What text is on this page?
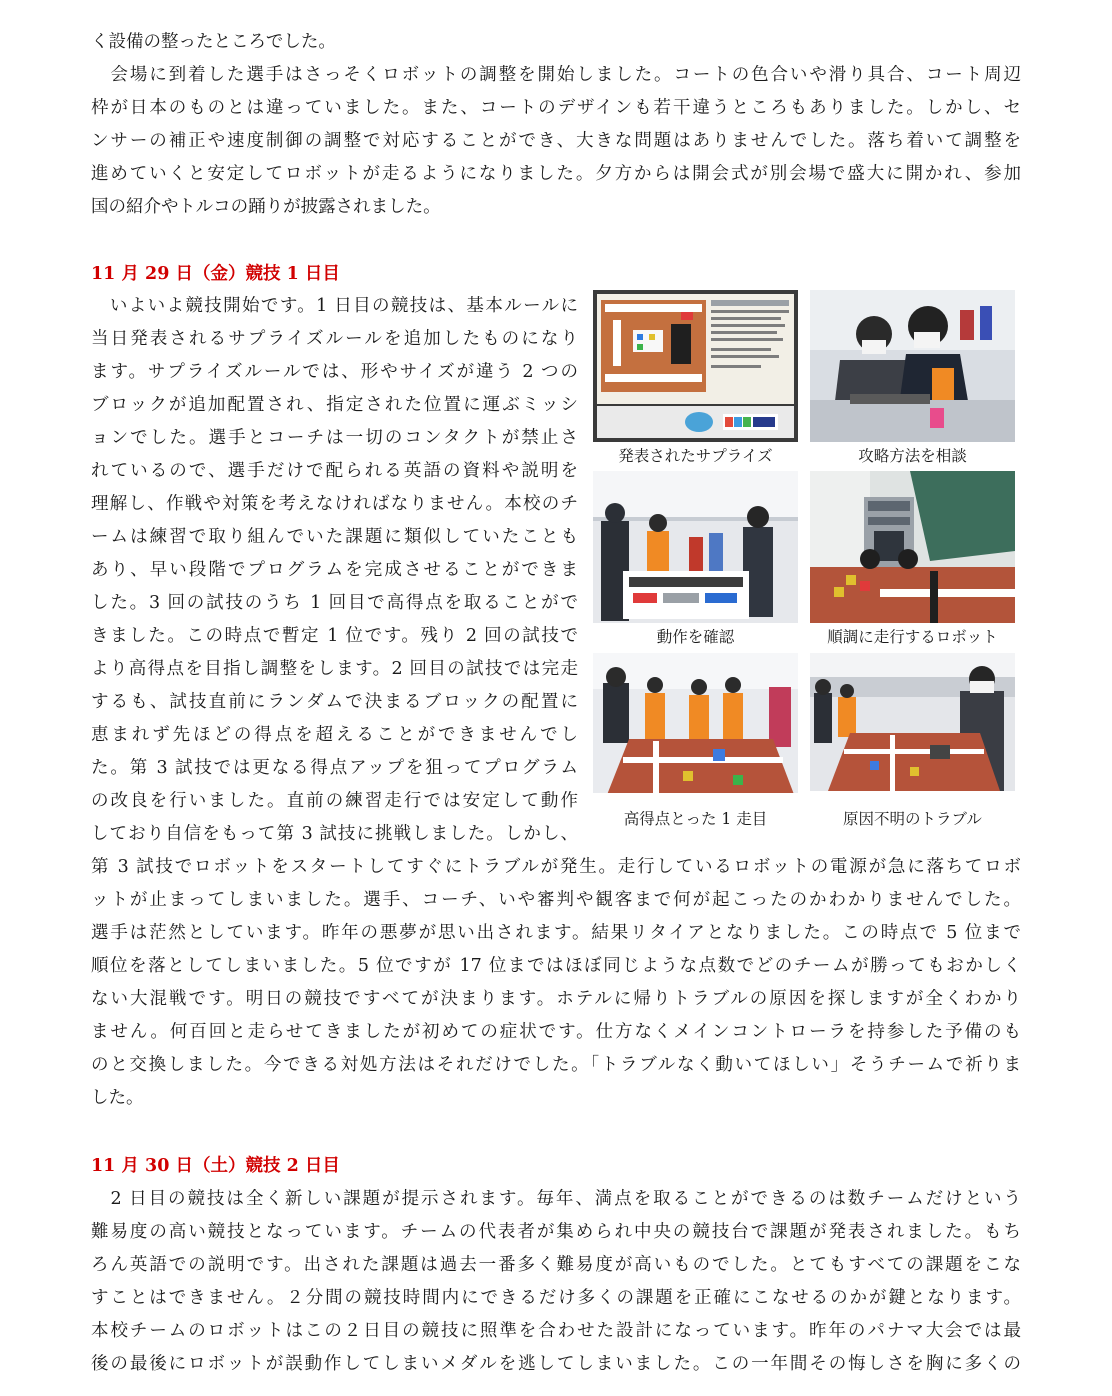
く設備の整ったところでした。
　会場に到着した選手はさっそくロボットの調整を開始しました。コートの色合いや滑り具合、コート周辺
枠が日本のものとは違っていました。また、コートのデザインも若干違うところもありました。しかし、セ
ンサーの補正や速度制御の調整で対応することができ、大きな問題はありませんでした。落ち着いて調整を
進めていくと安定してロボットが走るようになりました。夕方からは開会式が別会場で盛大に開かれ、参加
国の紹介やトルコの踊りが披露されました。
11 月 29 日（金）競技 1 日目
　いよいよ競技開始です。1 日目の競技は、基本ルールに
当日発表されるサプライズルールを追加したものになり
ます。サプライズルールでは、形やサイズが違う 2 つの
ブロックが追加配置され、指定された位置に運ぶミッシ
ョンでした。選手とコーチは一切のコンタクトが禁止さ
れているので、選手だけで配られる英語の資料や説明を
理解し、作戦や対策を考えなければなりません。本校のチ
ームは練習で取り組んでいた課題に類似していたことも
あり、早い段階でプログラムを完成させることができま
した。3 回の試技のうち 1 回目で高得点を取ることがで
きました。この時点で暫定 1 位です。残り 2 回の試技で
より高得点を目指し調整をします。2 回目の試技では完走
するも、試技直前にランダムで決まるブロックの配置に
恵まれず先ほどの得点を超えることができませんでし
た。第 3 試技では更なる得点アップを狙ってプログラム
の改良を行いました。直前の練習走行では安定して動作
しており自信をもって第 3 試技に挑戦しました。しかし、
第 3 試技でロボットをスタートしてすぐにトラブルが発生。走行しているロボットの電源が急に落ちてロボ
ットが止まってしまいました。選手、コーチ、いや審判や観客まで何が起こったのかわかりませんでした。
選手は茫然としています。昨年の悪夢が思い出されます。結果リタイアとなりました。この時点で 5 位まで
順位を落としてしまいました。5 位ですが 17 位まではほぼ同じような点数でどのチームが勝ってもおかしく
ない大混戦です。明日の競技ですべてが決まります。ホテルに帰りトラブルの原因を探しますが全くわかり
ません。何百回と走らせてきましたが初めての症状です。仕方なくメインコントローラを持参した予備のも
のと交換しました。今できる対処方法はそれだけでした。「トラブルなく動いてほしい」そうチームで祈りま
した。
発表されたサプライズ	攻略方法を相談
動作を確認	順調に走行するロボット
高得点とった 1 走目	原因不明のトラブル
11 月 30 日（土）競技 2 日目
　2 日目の競技は全く新しい課題が提示されます。毎年、満点を取ることができるのは数チームだけという
難易度の高い競技となっています。チームの代表者が集められ中央の競技台で課題が発表されました。もち
ろん英語での説明です。出された課題は過去一番多く難易度が高いものでした。とてもすべての課題をこな
すことはできません。２分間の競技時間内にできるだけ多くの課題を正確にこなせるのかが鍵となります。
本校チームのロボットはこの２日目の競技に照準を合わせた設計になっています。昨年のパナマ大会では最
後の最後にロボットが誤動作してしまいメダルを逃してしまいました。この一年間その悔しさを胸に多くの
